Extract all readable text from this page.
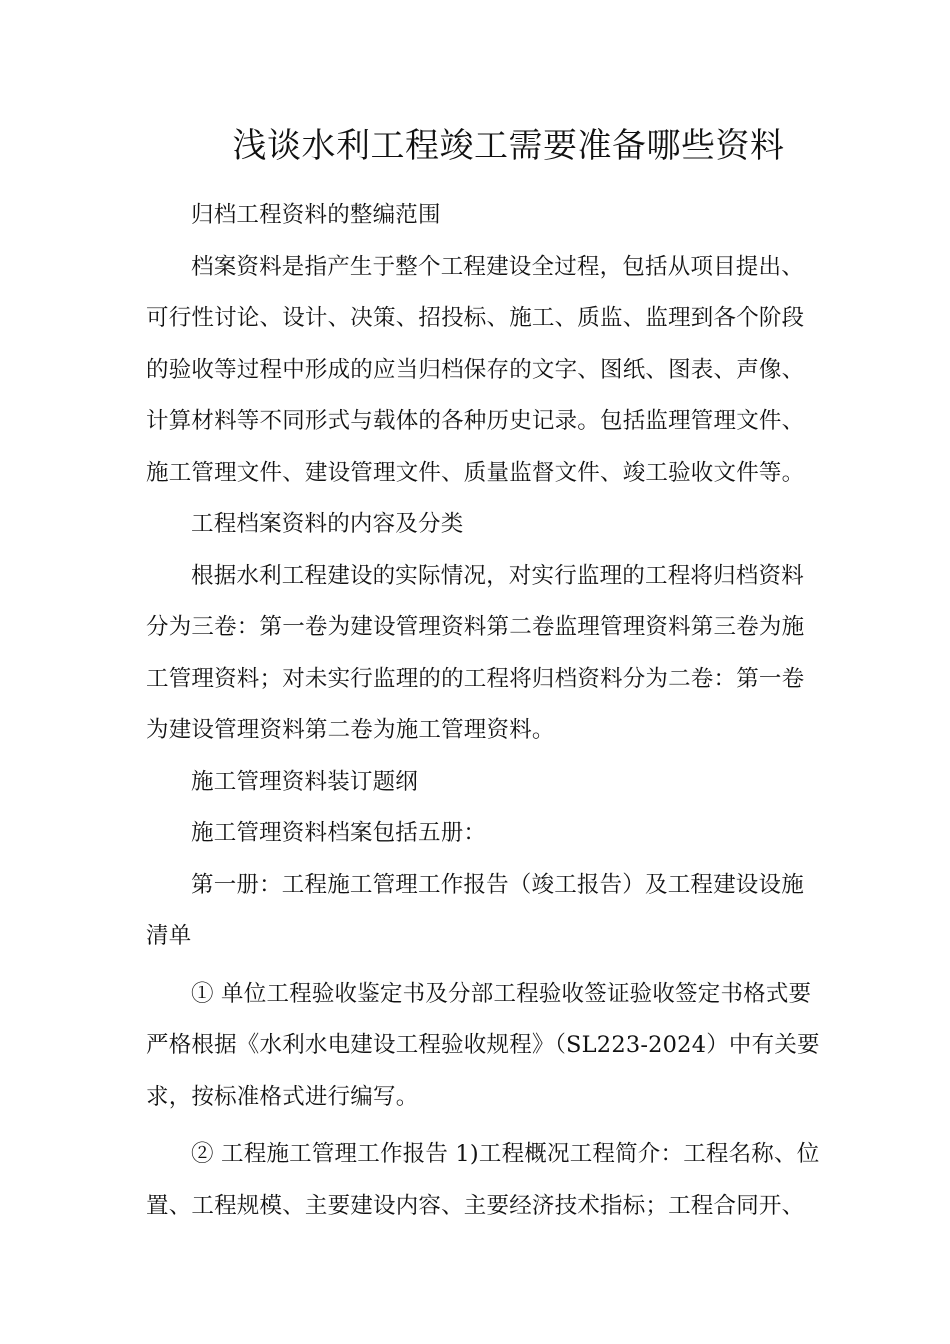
浅谈水利工程竣工需要准备哪些资料
归档工程资料的整编范围
档案资料是指产生于整个工程建设全过程，包括从项目提出、
可行性讨论、设计、决策、招投标、施工、质监、监理到各个阶段
的验收等过程中形成的应当归档保存的文字、图纸、图表、声像、
计算材料等不同形式与载体的各种历史记录。包括监理管理文件、
施工管理文件、建设管理文件、质量监督文件、竣工验收文件等。
工程档案资料的内容及分类
根据水利工程建设的实际情况，对实行监理的工程将归档资料
分为三卷：第一卷为建设管理资料第二卷监理管理资料第三卷为施
工管理资料；对未实行监理的的工程将归档资料分为二卷：第一卷
为建设管理资料第二卷为施工管理资料。
施工管理资料装订题纲
施工管理资料档案包括五册：
第一册：工程施工管理工作报告（竣工报告）及工程建设设施
清单
① 单位工程验收鉴定书及分部工程验收签证验收签定书格式要
严格根据《水利水电建设工程验收规程》（SL223-2024）中有关要
求，按标准格式进行编写。
② 工程施工管理工作报告 1)工程概况工程简介：工程名称、位
置、工程规模、主要建设内容、主要经济技术指标；工程合同开、
